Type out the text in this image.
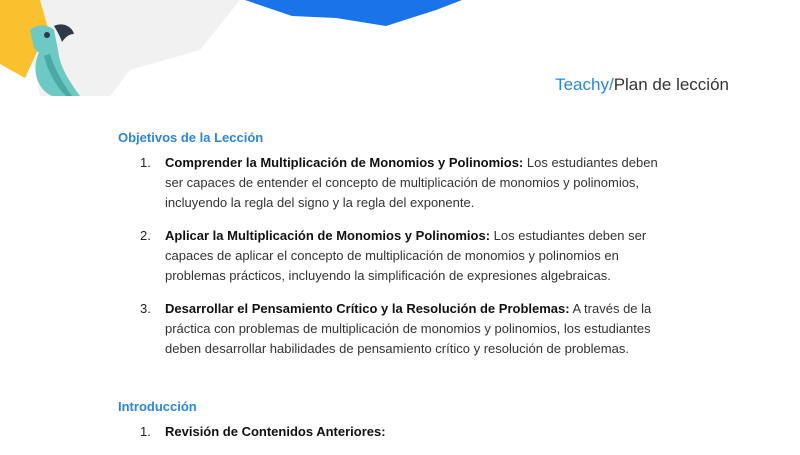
Teachy/Plan de lección
Objetivos de la Lección
1. Comprender la Multiplicación de Monomios y Polinomios: Los estudiantes deben ser capaces de entender el concepto de multiplicación de monomios y polinomios, incluyendo la regla del signo y la regla del exponente.
2. Aplicar la Multiplicación de Monomios y Polinomios: Los estudiantes deben ser capaces de aplicar el concepto de multiplicación de monomios y polinomios en problemas prácticos, incluyendo la simplificación de expresiones algebraicas.
3. Desarrollar el Pensamiento Crítico y la Resolución de Problemas: A través de la práctica con problemas de multiplicación de monomios y polinomios, los estudiantes deben desarrollar habilidades de pensamiento crítico y resolución de problemas.
Introducción
1. Revisión de Contenidos Anteriores:
